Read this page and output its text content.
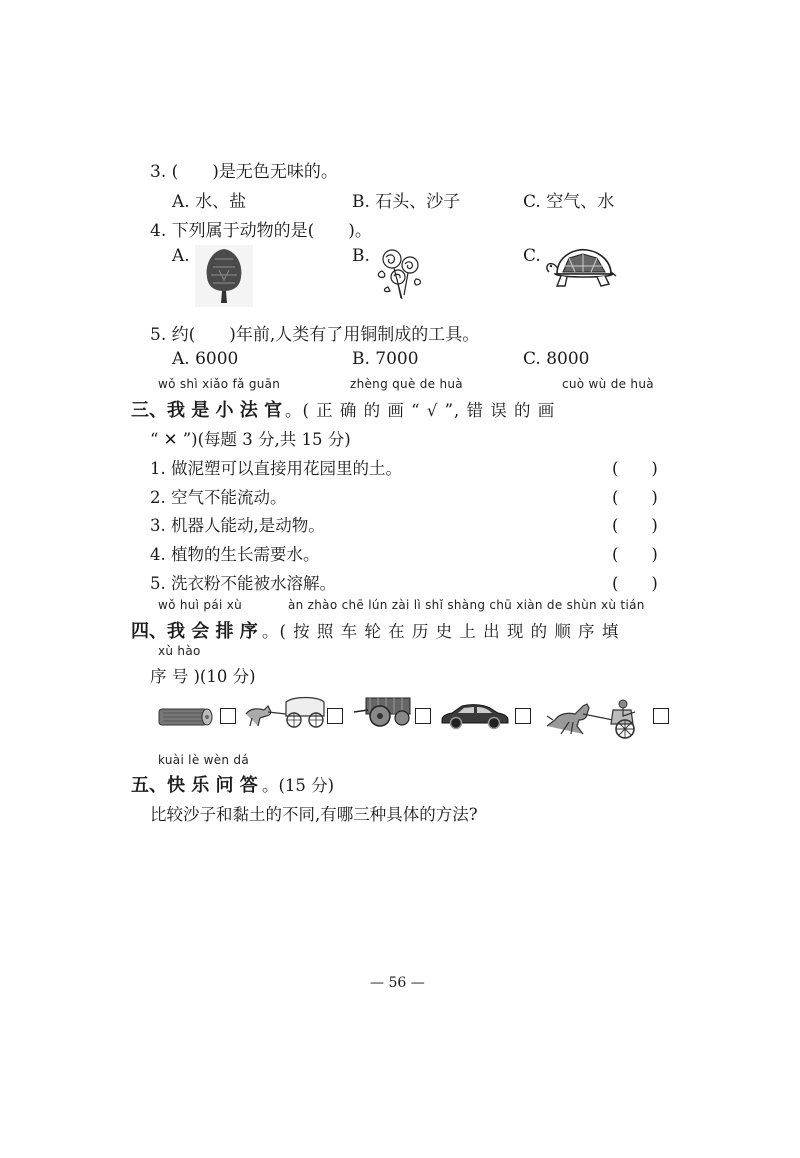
3. (　　)是无色无味的。
A. 水、盐	B. 石头、沙子	C. 空气、水
4. 下列属于动物的是(　　)。
A.	B.	C.
5. 约(　　)年前,人类有了用铜制成的工具。
A. 6000	B. 7000	C. 8000
wǒ shì xiǎo fǎ guān	zhèng què de huà	cuò wù de huà
三、我 是 小 法 官 。( 正 确 的 画 “ √ ”, 错 误 的 画
“ ✕ ”)(每题 3 分,共 15 分)
1. 做泥塑可以直接用花园里的土。	(　　)
2. 空气不能流动。	(　　)
3. 机器人能动,是动物。	(　　)
4. 植物的生长需要水。	(　　)
5. 洗衣粉不能被水溶解。	(　　)
wǒ huì pái xù	àn zhào chē lún zài lì shǐ shàng chū xiàn de shùn xù tián
四、我 会 排 序 。( 按 照 车 轮 在 历 史 上 出 现 的 顺 序 填
xù hào
序 号 )(10 分)
kuài lè wèn dá
五、快 乐 问 答 。(15 分)
比较沙子和黏土的不同,有哪三种具体的方法?
— 56 —
